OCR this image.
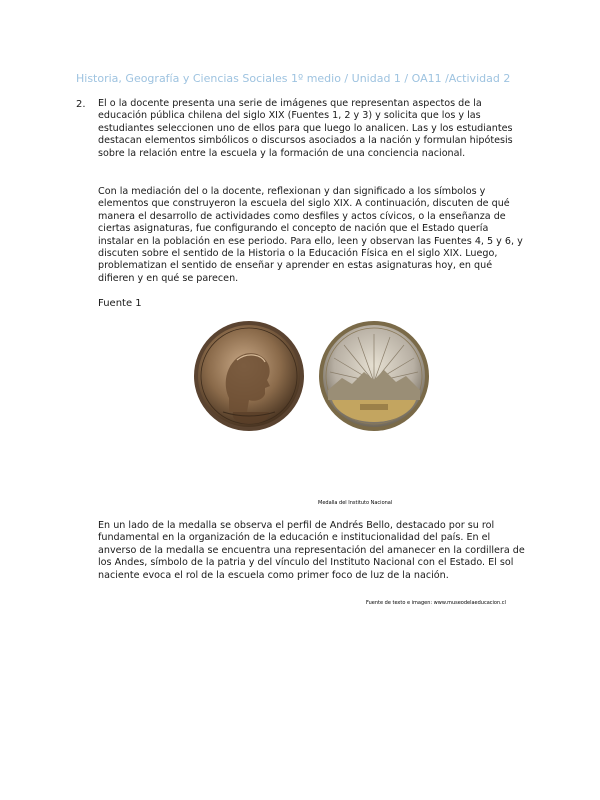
Historia, Geografía y Ciencias Sociales 1º medio / Unidad 1 / OA11 /Actividad 2
2. El o la docente presenta una serie de imágenes que representan aspectos de la educación pública chilena del siglo XIX (Fuentes 1, 2 y 3) y solicita que los y las estudiantes seleccionen uno de ellos para que luego lo analicen. Las y los estudiantes destacan elementos simbólicos o discursos asociados a la nación y formulan hipótesis sobre la relación entre la escuela y la formación de una conciencia nacional.

Con la mediación del o la docente, reflexionan y dan significado a los símbolos y elementos que construyeron la escuela del siglo XIX. A continuación, discuten de qué manera el desarrollo de actividades como desfiles y actos cívicos, o la enseñanza de ciertas asignaturas, fue configurando el concepto de nación que el Estado quería instalar en la población en ese periodo. Para ello, leen y observan las Fuentes 4, 5 y 6, y discuten sobre el sentido de la Historia o la Educación Física en el siglo XIX. Luego, problematizan el sentido de enseñar y aprender en estas asignaturas hoy, en qué difieren y en qué se parecen.

Fuente 1
Medalla del Instituto Nacional

En un lado de la medalla se observa el perfil de Andrés Bello, destacado por su rol fundamental en la organización de la educación e institucionalidad del país. En el anverso de la medalla se encuentra una representación del amanecer en la cordillera de los Andes, símbolo de la patria y del vínculo del Instituto Nacional con el Estado. El sol naciente evoca el rol de la escuela como primer foco de luz de la nación.

Fuente de texto e imagen: www.museodelaeducacion.cl
